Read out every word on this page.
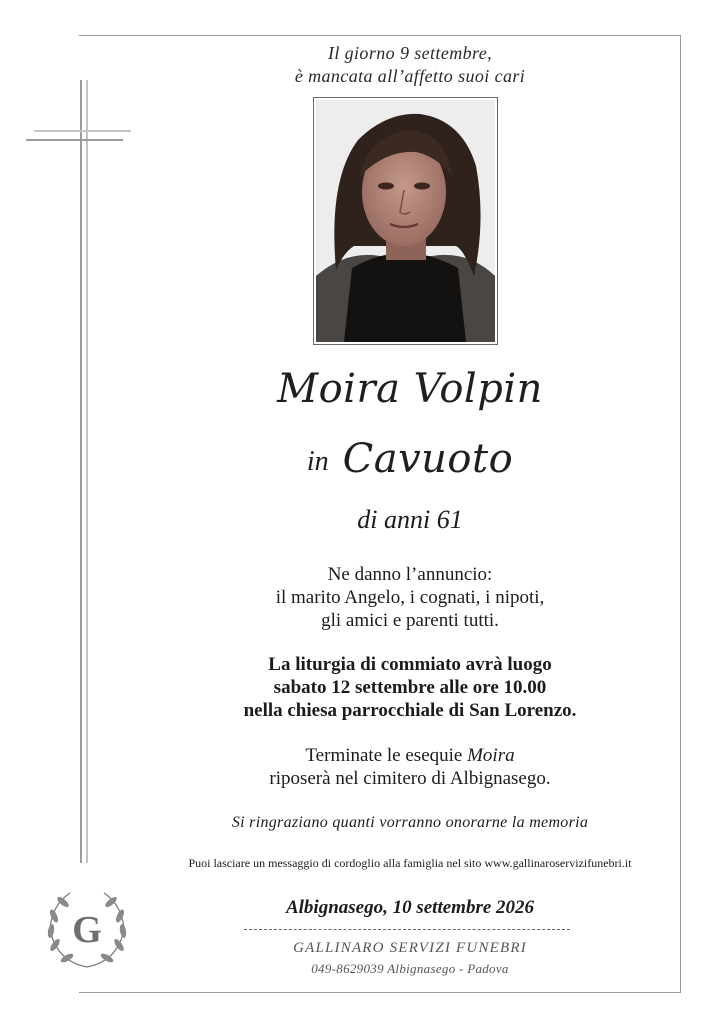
Il giorno 9 settembre,
è mancata all’affetto suoi cari
Moira Volpin
in Cavuoto
di anni 61
Ne danno l’annuncio:
il marito Angelo, i cognati, i nipoti,
gli amici e parenti tutti.
La liturgia di commiato avrà luogo
sabato 12 settembre alle ore 10.00
nella chiesa parrocchiale di San Lorenzo.
Terminate le esequie Moira
riposerà nel cimitero di Albignasego.
Si ringraziano quanti vorranno onorarne la memoria
Puoi lasciare un messaggio di cordoglio alla famiglia nel sito www.gallinaroservizifunebri.it
Albignasego, 10 settembre 2026
GALLINARO SERVIZI FUNEBRI
049-8629039 Albignasego - Padova
G
